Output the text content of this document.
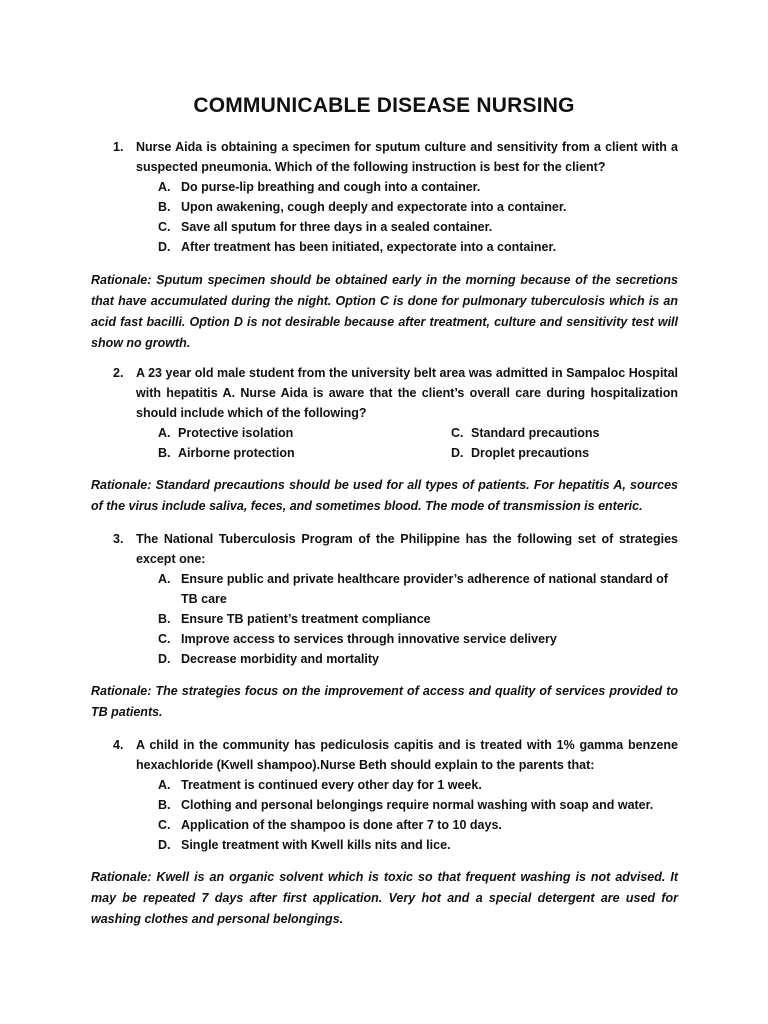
COMMUNICABLE DISEASE NURSING
1. Nurse Aida is obtaining a specimen for sputum culture and sensitivity from a client with a suspected pneumonia. Which of the following instruction is best for the client?
A. Do purse-lip breathing and cough into a container.
B. Upon awakening, cough deeply and expectorate into a container.
C. Save all sputum for three days in a sealed container.
D. After treatment has been initiated, expectorate into a container.
Rationale: Sputum specimen should be obtained early in the morning because of the secretions that have accumulated during the night. Option C is done for pulmonary tuberculosis which is an acid fast bacilli. Option D is not desirable because after treatment, culture and sensitivity test will show no growth.
2. A 23 year old male student from the university belt area was admitted in Sampaloc Hospital with hepatitis A. Nurse Aida is aware that the client’s overall care during hospitalization should include which of the following?
A. Protective isolation
B. Airborne protection
C. Standard precautions
D. Droplet precautions
Rationale: Standard precautions should be used for all types of patients. For hepatitis A, sources of the virus include saliva, feces, and sometimes blood. The mode of transmission is enteric.
3. The National Tuberculosis Program of the Philippine has the following set of strategies except one:
A. Ensure public and private healthcare provider’s adherence of national standard of TB care
B. Ensure TB patient’s treatment compliance
C. Improve access to services through innovative service delivery
D. Decrease morbidity and mortality
Rationale: The strategies focus on the improvement of access and quality of services provided to TB patients.
4. A child in the community has pediculosis capitis and is treated with 1% gamma benzene hexachloride (Kwell shampoo).Nurse Beth should explain to the parents that:
A. Treatment is continued every other day for 1 week.
B. Clothing and personal belongings require normal washing with soap and water.
C. Application of the shampoo is done after 7 to 10 days.
D. Single treatment with Kwell kills nits and lice.
Rationale: Kwell is an organic solvent which is toxic so that frequent washing is not advised. It may be repeated 7 days after first application. Very hot and a special detergent are used for washing clothes and personal belongings.
